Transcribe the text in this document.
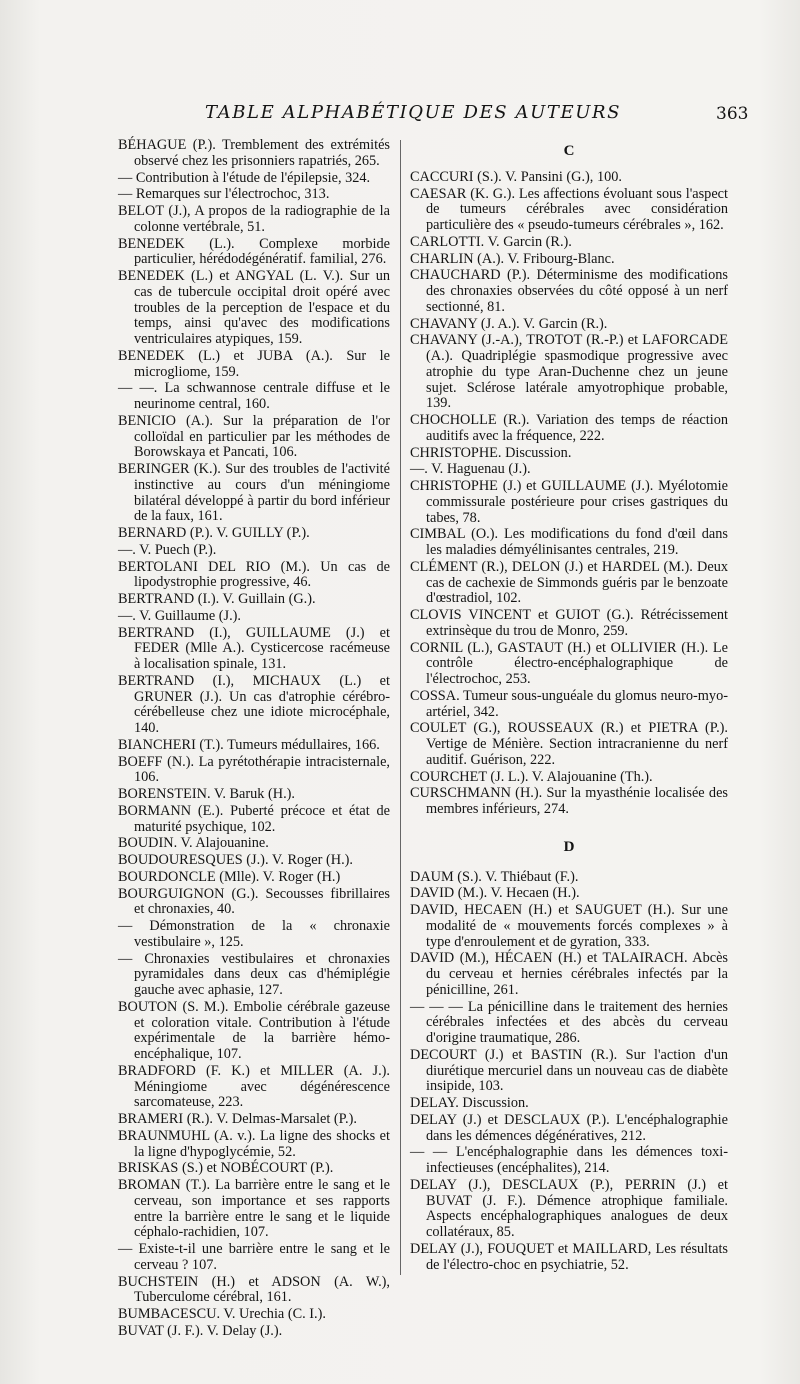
TABLE ALPHABÉTIQUE DES AUTEURS	363
BÉHAGUE (P.). Tremblement des extrémités observé chez les prisonniers rapatriés, 265.
— Contribution à l'étude de l'épilepsie, 324.
— Remarques sur l'électrochoc, 313.
BELOT (J.), A propos de la radiographie de la colonne vertébrale, 51.
BENEDEK (L.). Complexe morbide particulier, hérédodégénératif. familial, 276.
BENEDEK (L.) et ANGYAL (L. V.). Sur un cas de tubercule occipital droit opéré avec troubles de la perception de l'espace et du temps, ainsi qu'avec des modifications ventriculaires atypiques, 159.
BENEDEK (L.) et JUBA (A.). Sur le microgliome, 159.
— —. La schwannose centrale diffuse et le neurinome central, 160.
BENICIO (A.). Sur la préparation de l'or colloïdal en particulier par les méthodes de Borowskaya et Pancati, 106.
BERINGER (K.). Sur des troubles de l'activité instinctive au cours d'un méningiome bilatéral développé à partir du bord inférieur de la faux, 161.
BERNARD (P.). V. GUILLY (P.).
—. V. Puech (P.).
BERTOLANI DEL RIO (M.). Un cas de lipodystrophie progressive, 46.
BERTRAND (I.). V. Guillain (G.).
—. V. Guillaume (J.).
BERTRAND (I.), GUILLAUME (J.) et FEDER (Mlle A.). Cysticercose racémeuse à localisation spinale, 131.
BERTRAND (I.), MICHAUX (L.) et GRUNER (J.). Un cas d'atrophie cérébro-cérébelleuse chez une idiote microcéphale, 140.
BIANCHERI (T.). Tumeurs médullaires, 166.
BOEFF (N.). La pyrétothérapie intracisternale, 106.
BORENSTEIN. V. Baruk (H.).
BORMANN (E.). Puberté précoce et état de maturité psychique, 102.
BOUDIN. V. Alajouanine.
BOUDOURESQUES (J.). V. Roger (H.).
BOURDONCLE (Mlle). V. Roger (H.)
BOURGUIGNON (G.). Secousses fibrillaires et chronaxies, 40.
— Démonstration de la « chronaxie vestibulaire », 125.
— Chronaxies vestibulaires et chronaxies pyramidales dans deux cas d'hémiplégie gauche avec aphasie, 127.
BOUTON (S. M.). Embolie cérébrale gazeuse et coloration vitale. Contribution à l'étude expérimentale de la barrière hémo-encéphalique, 107.
BRADFORD (F. K.) et MILLER (A. J.). Méningiome avec dégénérescence sarcomateuse, 223.
BRAMERI (R.). V. Delmas-Marsalet (P.).
BRAUNMUHL (A. v.). La ligne des shocks et la ligne d'hypoglycémie, 52.
BRISKAS (S.) et NOBÉCOURT (P.).
BROMAN (T.). La barrière entre le sang et le cerveau, son importance et ses rapports entre la barrière entre le sang et le liquide céphalo-rachidien, 107.
— Existe-t-il une barrière entre le sang et le cerveau ? 107.
BUCHSTEIN (H.) et ADSON (A. W.), Tuberculome cérébral, 161.
BUMBACESCU. V. Urechia (C. I.).
BUVAT (J. F.). V. Delay (J.).
C
CACCURI (S.). V. Pansini (G.), 100.
CAESAR (K. G.). Les affections évoluant sous l'aspect de tumeurs cérébrales avec considération particulière des « pseudo-tumeurs cérébrales », 162.
CARLOTTI. V. Garcin (R.).
CHARLIN (A.). V. Fribourg-Blanc.
CHAUCHARD (P.). Déterminisme des modifications des chronaxies observées du côté opposé à un nerf sectionné, 81.
CHAVANY (J. A.). V. Garcin (R.).
CHAVANY (J.-A.), TROTOT (R.-P.) et LAFORCADE (A.). Quadriplégie spasmodique progressive avec atrophie du type Aran-Duchenne chez un jeune sujet. Sclérose latérale amyotrophique probable, 139.
CHOCHOLLE (R.). Variation des temps de réaction auditifs avec la fréquence, 222.
CHRISTOPHE. Discussion.
—. V. Haguenau (J.).
CHRISTOPHE (J.) et GUILLAUME (J.). Myélotomie commissurale postérieure pour crises gastriques du tabes, 78.
CIMBAL (O.). Les modifications du fond d'œil dans les maladies démyélinisantes centrales, 219.
CLÉMENT (R.), DELON (J.) et HARDEL (M.). Deux cas de cachexie de Simmonds guéris par le benzoate d'œstradiol, 102.
CLOVIS VINCENT et GUIOT (G.). Rétrécissement extrinsèque du trou de Monro, 259.
CORNIL (L.), GASTAUT (H.) et OLLIVIER (H.). Le contrôle électro-encéphalographique de l'électrochoc, 253.
COSSA. Tumeur sous-unguéale du glomus neuro-myo-artériel, 342.
COULET (G.), ROUSSEAUX (R.) et PIETRA (P.). Vertige de Ménière. Section intracranienne du nerf auditif. Guérison, 222.
COURCHET (J. L.). V. Alajouanine (Th.).
CURSCHMANN (H.). Sur la myasthénie localisée des membres inférieurs, 274.
D
DAUM (S.). V. Thiébaut (F.).
DAVID (M.). V. Hecaen (H.).
DAVID, HECAEN (H.) et SAUGUET (H.). Sur une modalité de « mouvements forcés complexes » à type d'enroulement et de gyration, 333.
DAVID (M.), HÉCAEN (H.) et TALAIRACH. Abcès du cerveau et hernies cérébrales infectés par la pénicilline, 261.
— — — La pénicilline dans le traitement des hernies cérébrales infectées et des abcès du cerveau d'origine traumatique, 286.
DECOURT (J.) et BASTIN (R.). Sur l'action d'un diurétique mercuriel dans un nouveau cas de diabète insipide, 103.
DELAY. Discussion.
DELAY (J.) et DESCLAUX (P.). L'encéphalographie dans les démences dégénératives, 212.
— — L'encéphalographie dans les démences toxi-infectieuses (encéphalites), 214.
DELAY (J.), DESCLAUX (P.), PERRIN (J.) et BUVAT (J. F.). Démence atrophique familiale. Aspects encéphalographiques analogues de deux collatéraux, 85.
DELAY (J.), FOUQUET et MAILLARD, Les résultats de l'électro-choc en psychiatrie, 52.
